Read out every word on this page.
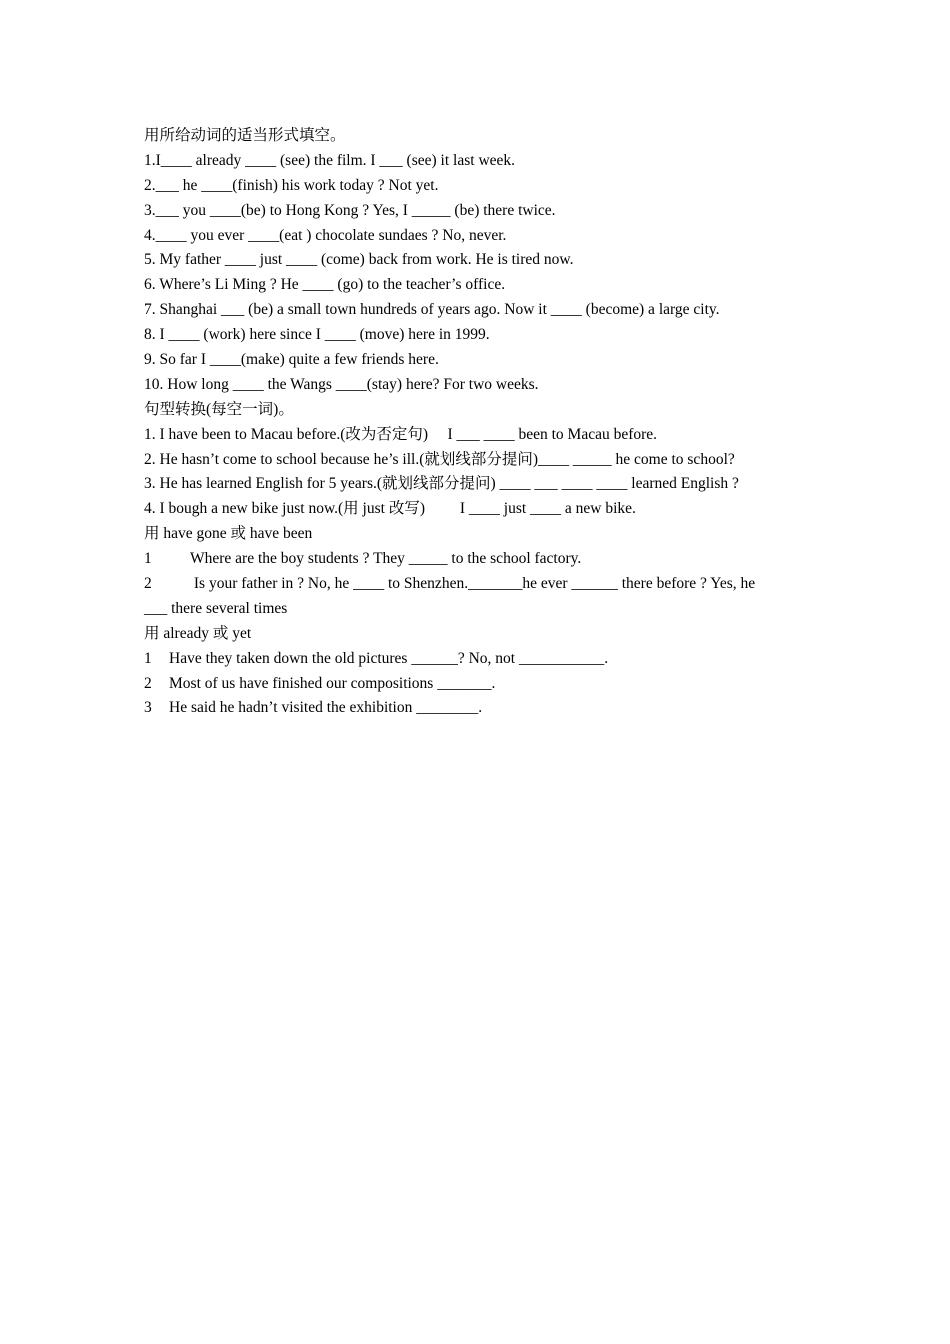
用所给动词的适当形式填空。
1.I____ already ____ (see) the film. I ___ (see) it last week.
2.___ he ____(finish) his work today ? Not yet.
3.___ you ____(be) to Hong Kong ? Yes, I _____ (be) there twice.
4.____ you ever ____(eat ) chocolate sundaes ? No, never.
5. My father ____ just ____ (come) back from work. He is tired now.
6. Where’s Li Ming ? He ____ (go) to the teacher’s office.
7. Shanghai ___ (be) a small town hundreds of years ago. Now it ____ (become) a large city.
8. I ____ (work) here since I ____ (move) here in 1999.
9. So far I ____(make) quite a few friends here.
10. How long ____ the Wangs ____(stay) here? For two weeks.
句型转换(每空一词)。
1. I have been to Macau before.(改为否定句)     I ___ ____ been to Macau before.
2. He hasn’t come to school because he’s ill.(就划线部分提问)____ _____ he come to school?
3. He has learned English for 5 years.(就划线部分提问) ____ ___ ____ ____ learned English ?
4. I bough a new bike just now.(用 just 改写)         I ____ just ____ a new bike.
用 have gone 或 have been
1	Where are the boy students ? They _____ to the school factory.
2	Is your father in ? No, he ____ to Shenzhen._______he ever ______ there before ? Yes, he
___ there several times
用 already 或 yet
1	Have they taken down the old pictures ______? No, not ___________.
2	Most of us have finished our compositions _______.
3	He said he hadn’t visited the exhibition ________.
